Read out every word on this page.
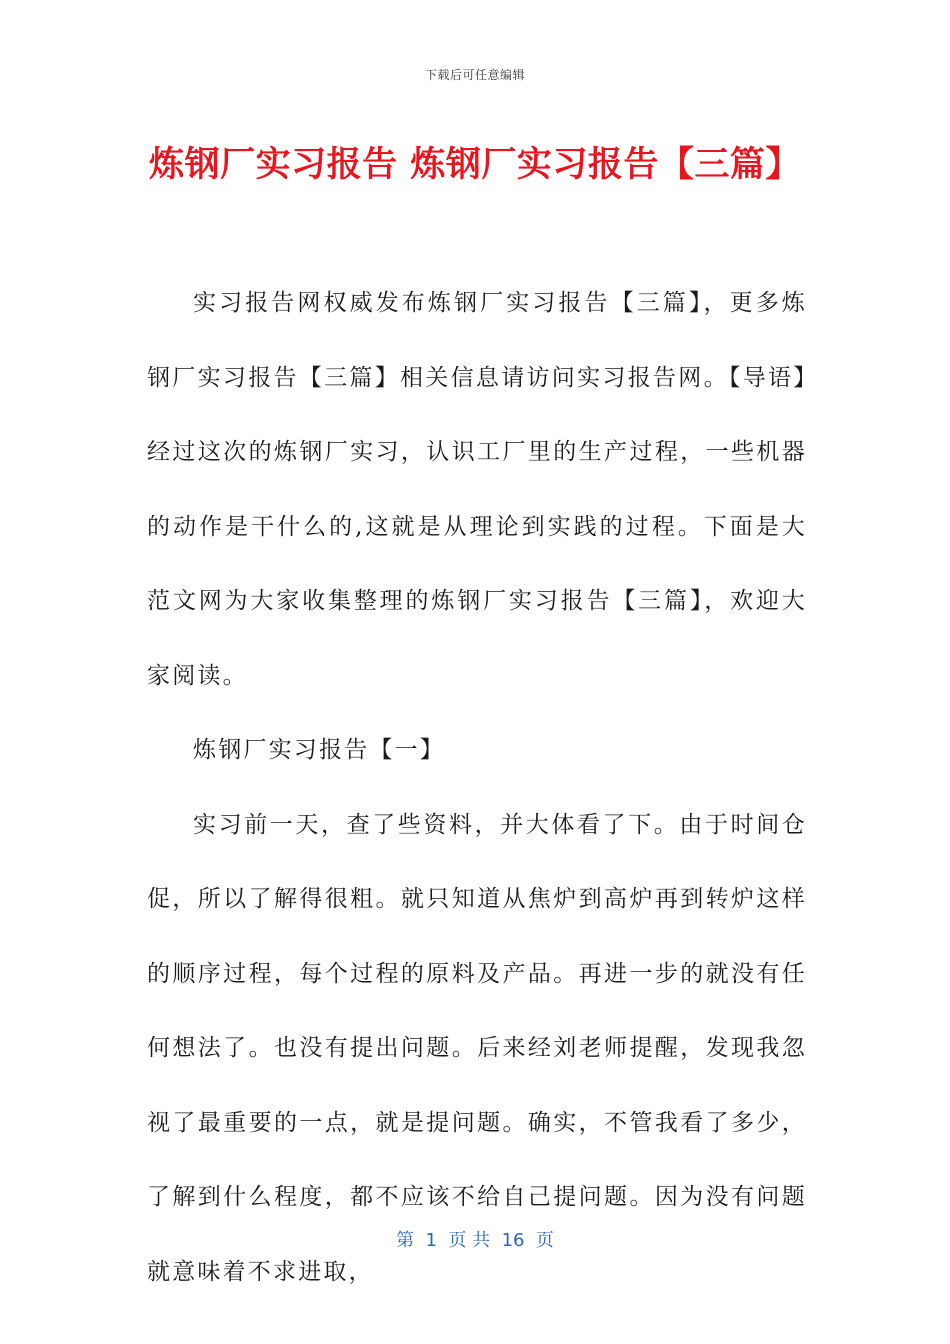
下载后可任意编辑
炼钢厂实习报告 炼钢厂实习报告【三篇】

实习报告网权威发布炼钢厂实习报告【三篇】，更多炼钢厂实习报告【三篇】相关信息请访问实习报告网。【导语】经过这次的炼钢厂实习，认识工厂里的生产过程，一些机器的动作是干什么的,这就是从理论到实践的过程。下面是大范文网为大家收集整理的炼钢厂实习报告【三篇】，欢迎大家阅读。

炼钢厂实习报告【一】

实习前一天，查了些资料，并大体看了下。由于时间仓促，所以了解得很粗。就只知道从焦炉到高炉再到转炉这样的顺序过程，每个过程的原料及产品。再进一步的就没有任何想法了。也没有提出问题。后来经刘老师提醒，发现我忽视了最重要的一点，就是提问题。确实，不管我看了多少，了解到什么程度，都不应该不给自己提问题。因为没有问题就意味着不求进取，

第  1  页 共  16  页
